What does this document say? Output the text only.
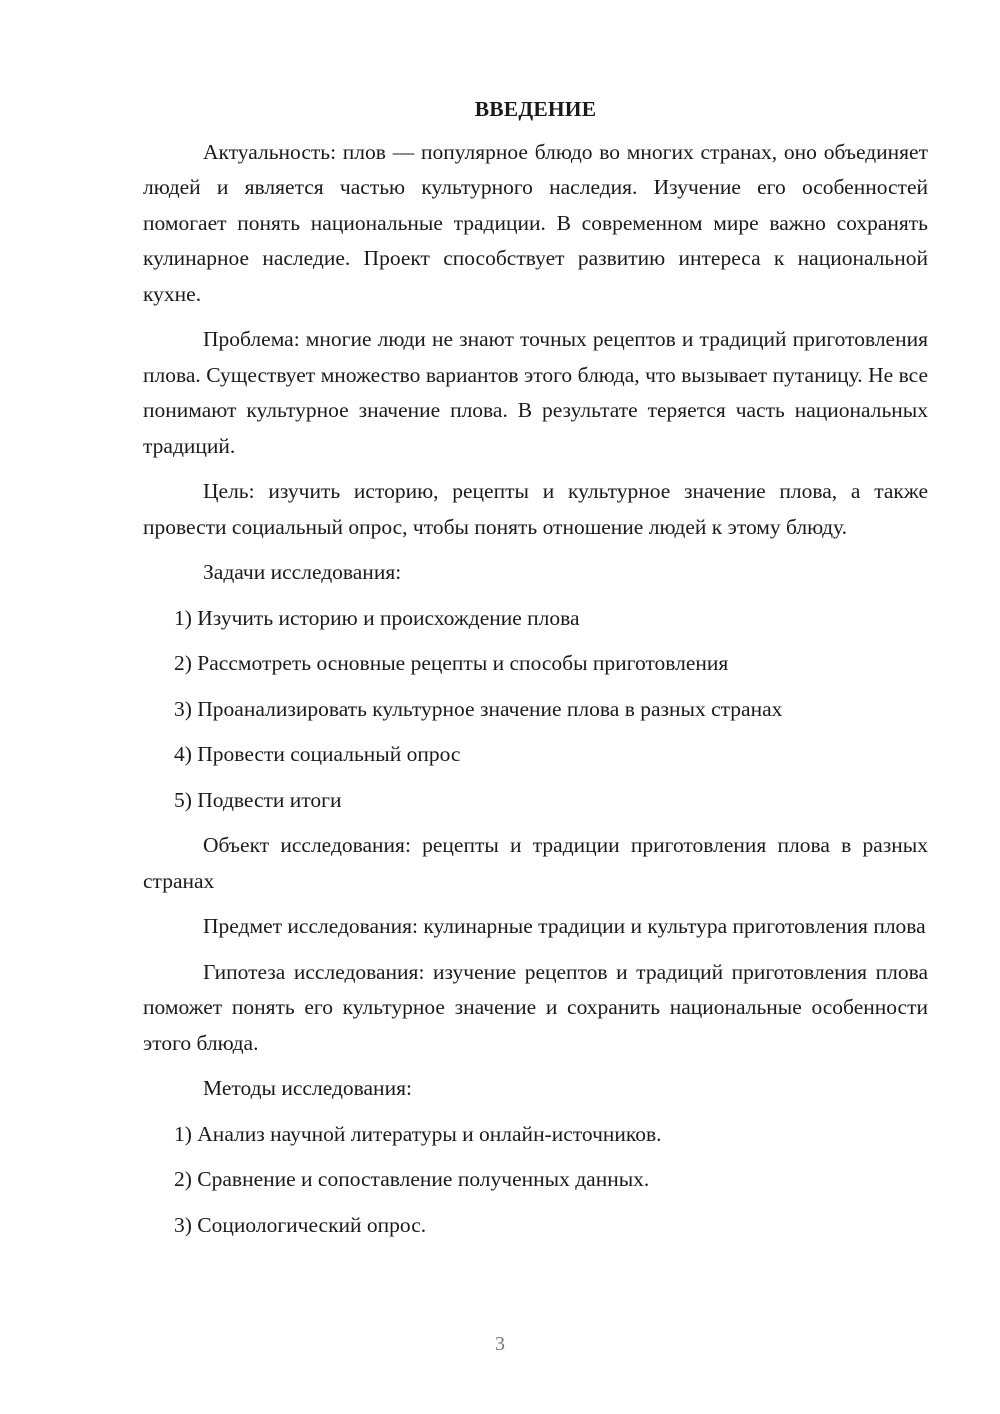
ВВЕДЕНИЕ

Актуальность: плов — популярное блюдо во многих странах, оно объединяет людей и является частью культурного наследия. Изучение его особенностей помогает понять национальные традиции. В современном мире важно сохранять кулинарное наследие. Проект способствует развитию интереса к национальной кухне.

Проблема: многие люди не знают точных рецептов и традиций приготовления плова. Существует множество вариантов этого блюда, что вызывает путаницу. Не все понимают культурное значение плова. В результате теряется часть национальных традиций.

Цель: изучить историю, рецепты и культурное значение плова, а также провести социальный опрос, чтобы понять отношение людей к этому блюду.

Задачи исследования:

1) Изучить историю и происхождение плова

2) Рассмотреть основные рецепты и способы приготовления

3) Проанализировать культурное значение плова в разных странах

4) Провести социальный опрос

5) Подвести итоги

Объект исследования: рецепты и традиции приготовления плова в разных странах

Предмет исследования: кулинарные традиции и культура приготовления плова

Гипотеза исследования: изучение рецептов и традиций приготовления плова поможет понять его культурное значение и сохранить национальные особенности этого блюда.

Методы исследования:

1) Анализ научной литературы и онлайн-источников.

2) Сравнение и сопоставление полученных данных.

3) Социологический опрос.

3
